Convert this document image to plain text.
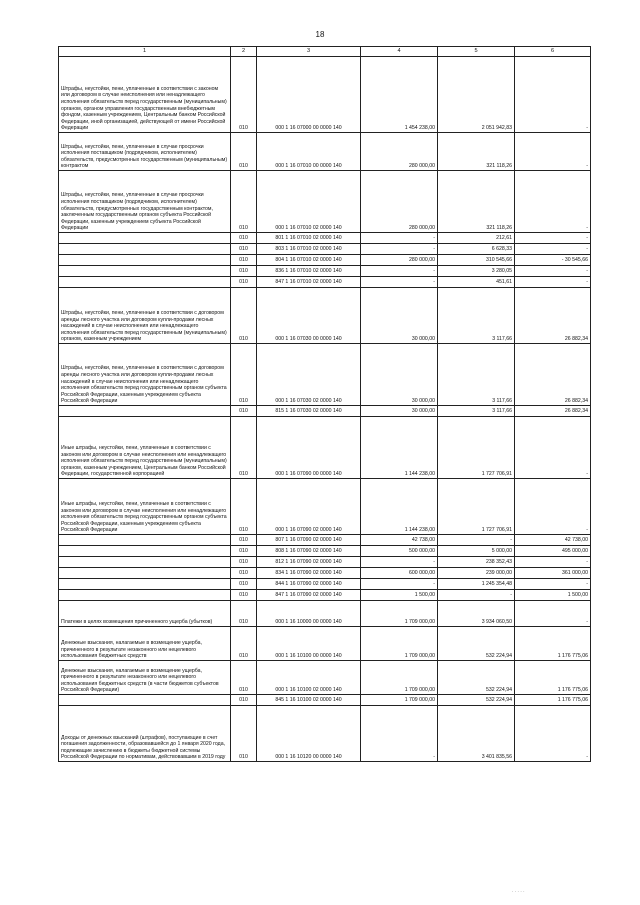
18
1	2	3	4	5	6
Штрафы, неустойки, пени, уплаченные в соответствии с законом или договором в случае неисполнения или ненадлежащего исполнения обязательств перед государственным (муниципальным) органом, органом управления государственным внебюджетным фондом, казенным учреждением, Центральным банком Российской Федерации, иной организацией, действующей от имени Российской Федерации	010	000 1 16 07000 00 0000 140	1 454 238,00	2 051 942,83	-
Штрафы, неустойки, пени, уплаченные в случае просрочки исполнения поставщиком (подрядчиком, исполнителем) обязательств, предусмотренных государственным (муниципальным) контрактом	010	000 1 16 07010 00 0000 140	280 000,00	321 118,26	-
Штрафы, неустойки, пени, уплаченные в случае просрочки исполнения поставщиком (подрядчиком, исполнителем) обязательств, предусмотренных государственным контрактом, заключенным государственным органом субъекта Российской Федерации, казенным учреждением субъекта Российской Федерации	010	000 1 16 07010 02 0000 140	280 000,00	321 118,26	-
	010	801 1 16 07010 02 0000 140	-	212,61	-
	010	803 1 16 07010 02 0000 140	-	6 628,33	-
	010	804 1 16 07010 02 0000 140	280 000,00	310 545,66	- 30 545,66
	010	836 1 16 07010 02 0000 140	-	3 280,05	-
	010	847 1 16 07010 02 0000 140	-	451,61	-
Штрафы, неустойки, пени, уплаченные в соответствии с договором аренды лесного участка или договором купли-продажи лесных насаждений в случае неисполнения или ненадлежащего исполнения обязательств перед государственным (муниципальным) органом, казенным учреждением	010	000 1 16 07030 00 0000 140	30 000,00	3 117,66	26 882,34
Штрафы, неустойки, пени, уплаченные в соответствии с договором аренды лесного участка или договором купли-продажи лесных насаждений в случае неисполнения или ненадлежащего исполнения обязательств перед государственным органом субъекта Российской Федерации, казенным учреждением субъекта Российской Федерации	010	000 1 16 07030 02 0000 140	30 000,00	3 117,66	26 882,34
	010	815 1 16 07030 02 0000 140	30 000,00	3 117,66	26 882,34
Иные штрафы, неустойки, пени, уплаченные в соответствии с законом или договором в случае неисполнения или ненадлежащего исполнения обязательств перед государственным (муниципальным) органом, казенным учреждением, Центральным банком Российской Федерации, государственной корпорацией	010	000 1 16 07090 00 0000 140	1 144 238,00	1 727 706,91	-
Иные штрафы, неустойки, пени, уплаченные в соответствии с законом или договором в случае неисполнения или ненадлежащего исполнения обязательств перед государственным органом субъекта Российской Федерации, казенным учреждением субъекта Российской Федерации	010	000 1 16 07090 02 0000 140	1 144 238,00	1 727 706,91	-
	010	807 1 16 07090 02 0000 140	42 738,00	-	42 738,00
	010	808 1 16 07090 02 0000 140	500 000,00	5 000,00	495 000,00
	010	812 1 16 07090 02 0000 140	-	238 352,43	-
	010	834 1 16 07090 02 0000 140	600 000,00	239 000,00	361 000,00
	010	844 1 16 07090 02 0000 140	-	1 245 354,48	-
	010	847 1 16 07090 02 0000 140	1 500,00	-	1 500,00
Платежи в целях возмещения причиненного ущерба (убытков)	010	000 1 16 10000 00 0000 140	1 709 000,00	3 934 060,50	-
Денежные взыскания, налагаемые в возмещение ущерба, причиненного в результате незаконного или нецелевого использования бюджетных средств	010	000 1 16 10100 00 0000 140	1 709 000,00	532 224,94	1 176 775,06
Денежные взыскания, налагаемые в возмещение ущерба, причиненного в результате незаконного или нецелевого использования бюджетных средств (в части бюджетов субъектов Российской Федерации)	010	000 1 16 10100 02 0000 140	1 709 000,00	532 224,94	1 176 775,06
	010	845 1 16 10100 02 0000 140	1 709 000,00	532 224,94	1 176 775,06
Доходы от денежных взысканий (штрафов), поступающие в счет погашения задолженности, образовавшейся до 1 января 2020 года, подлежащие зачислению в бюджеты бюджетной системы Российской Федерации по нормативам, действовавшим в 2019 году	010	000 1 16 10120 00 0000 140	-	3 401 835,56	-
. . . . .
